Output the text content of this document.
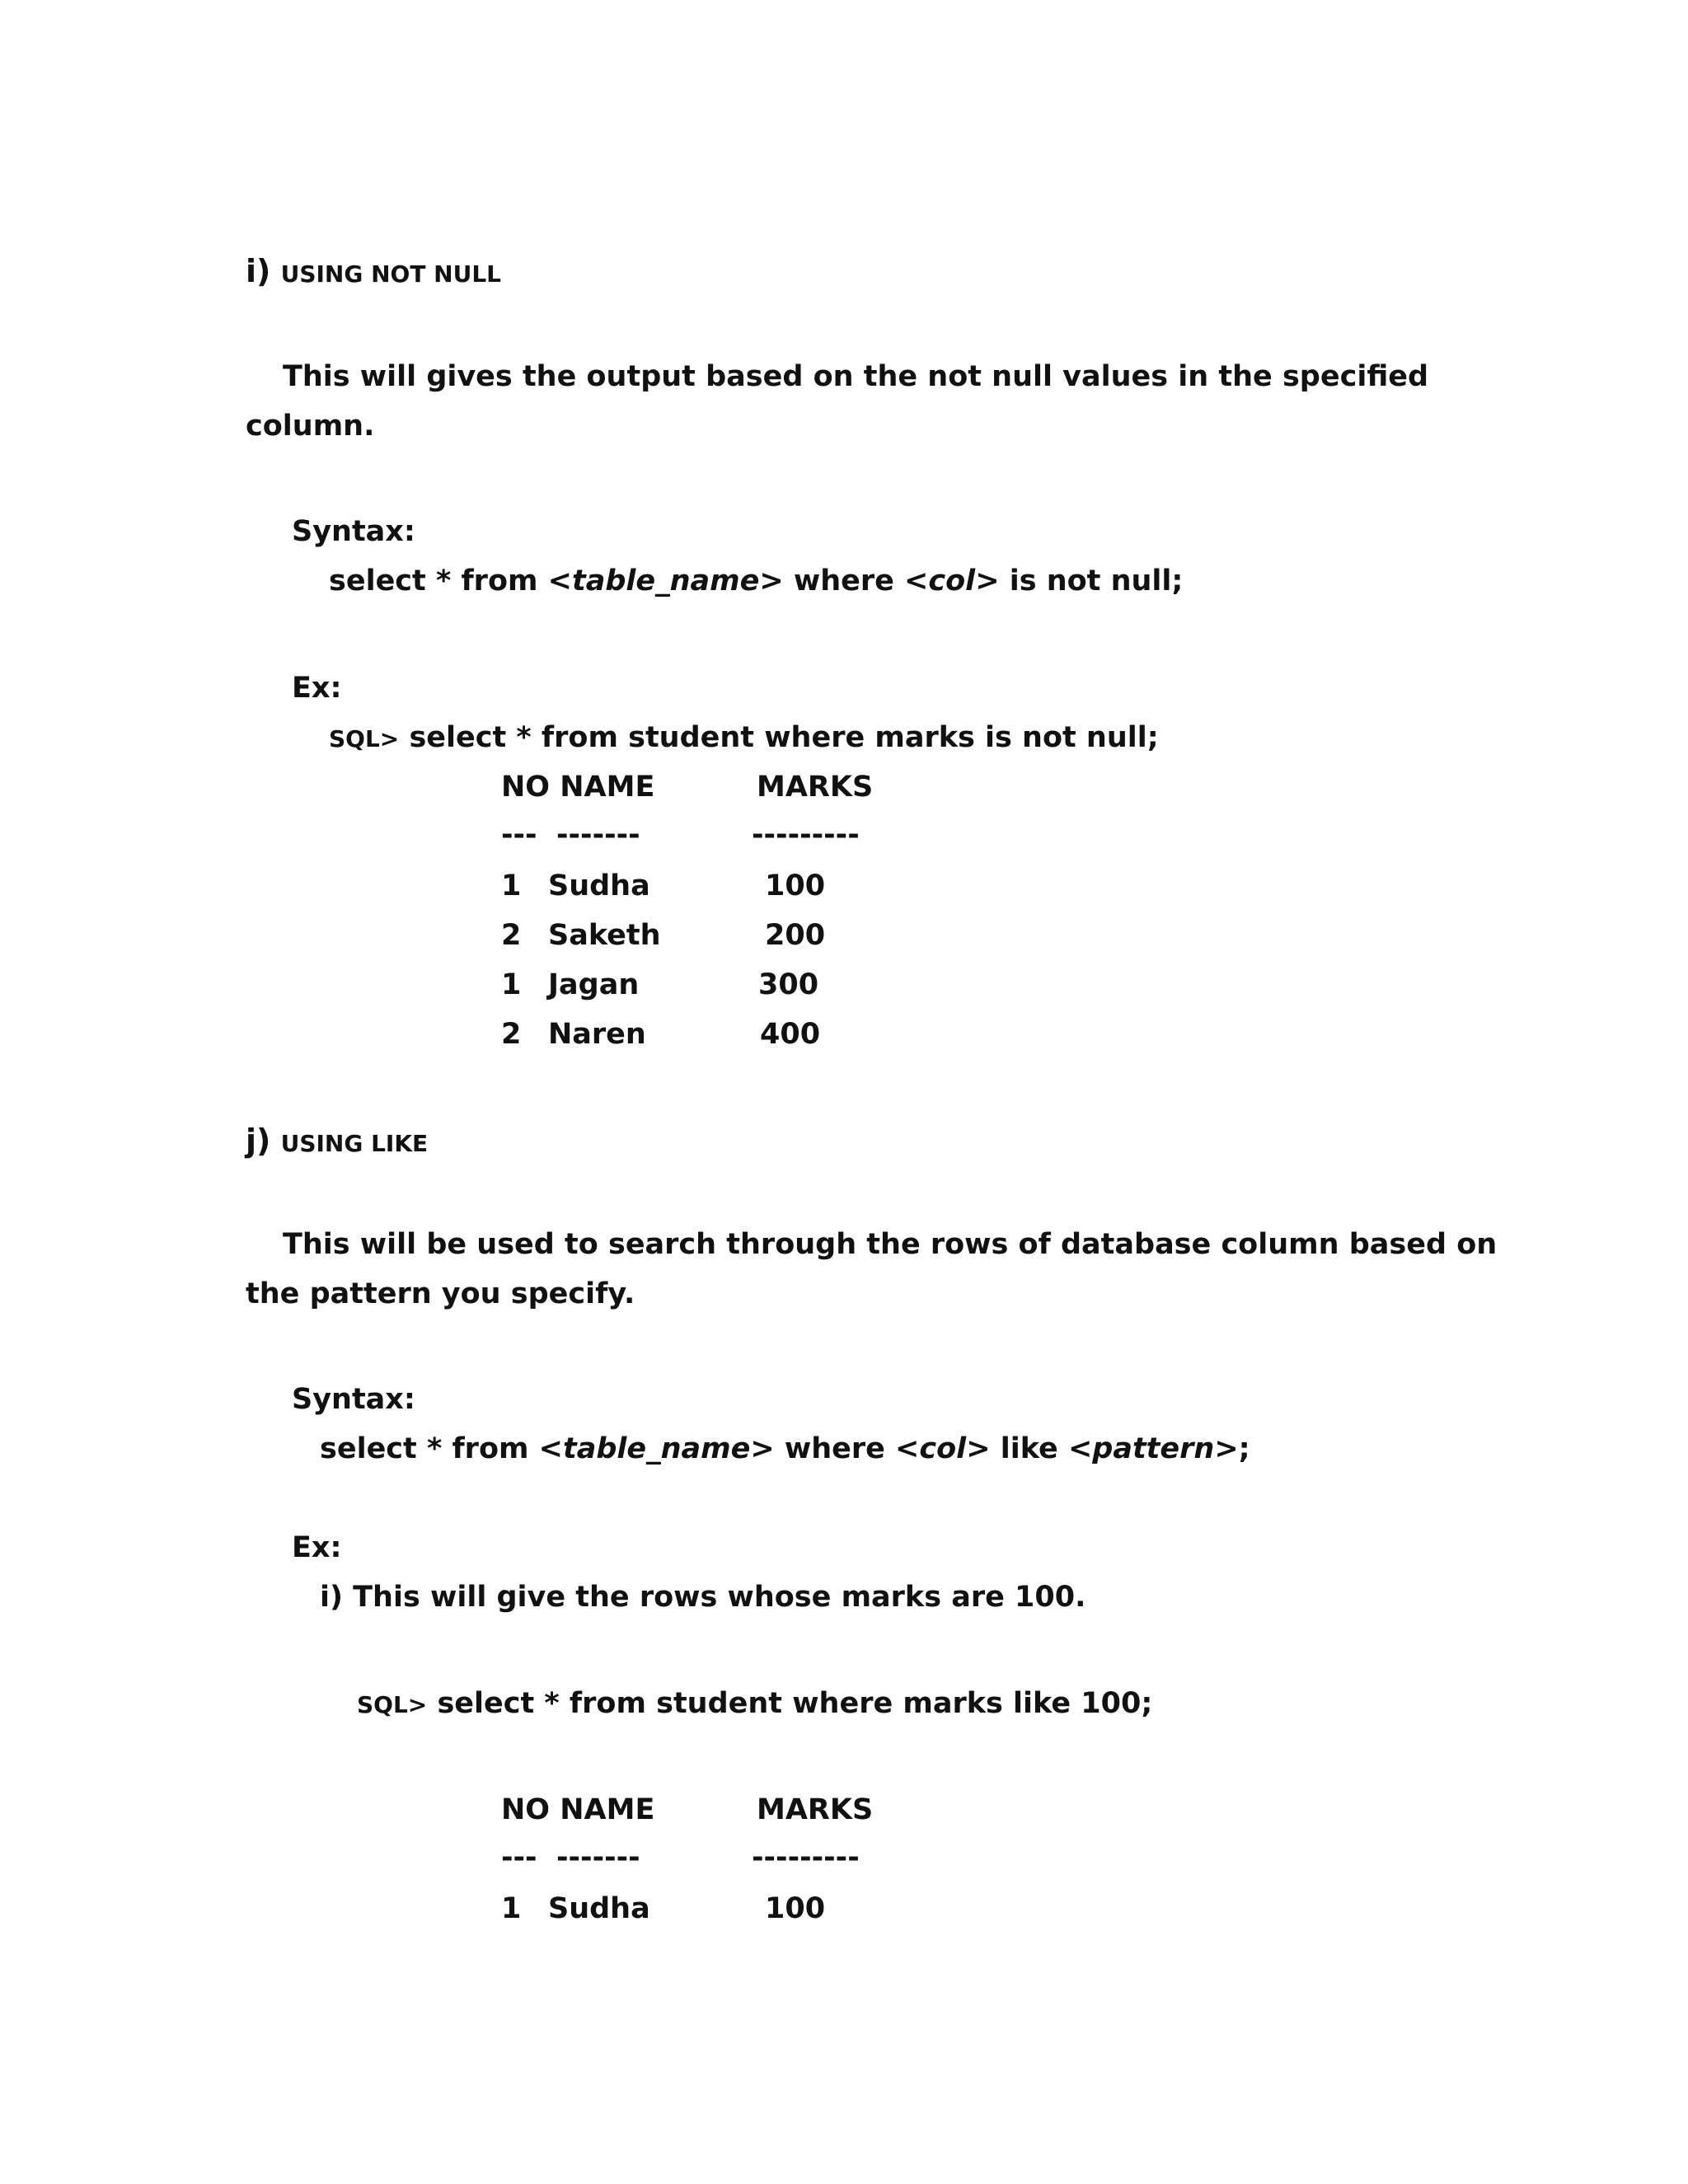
i) USING NOT NULL
This will gives the output based on the not null values in the specified
column.
Syntax:
select * from <table_name> where <col> is not null;
Ex:
SQL> select * from student where marks is not null;
NO NAME	MARKS
--- -------	---------
1 Sudha	100
2 Saketh	200
1 Jagan	300
2 Naren	400
j) USING LIKE
This will be used to search through the rows of database column based on
the pattern you specify.
Syntax:
select * from <table_name> where <col> like <pattern>;
Ex:
i) This will give the rows whose marks are 100.
SQL> select * from student where marks like 100;
NO NAME	MARKS
--- -------	---------
1 Sudha	100
